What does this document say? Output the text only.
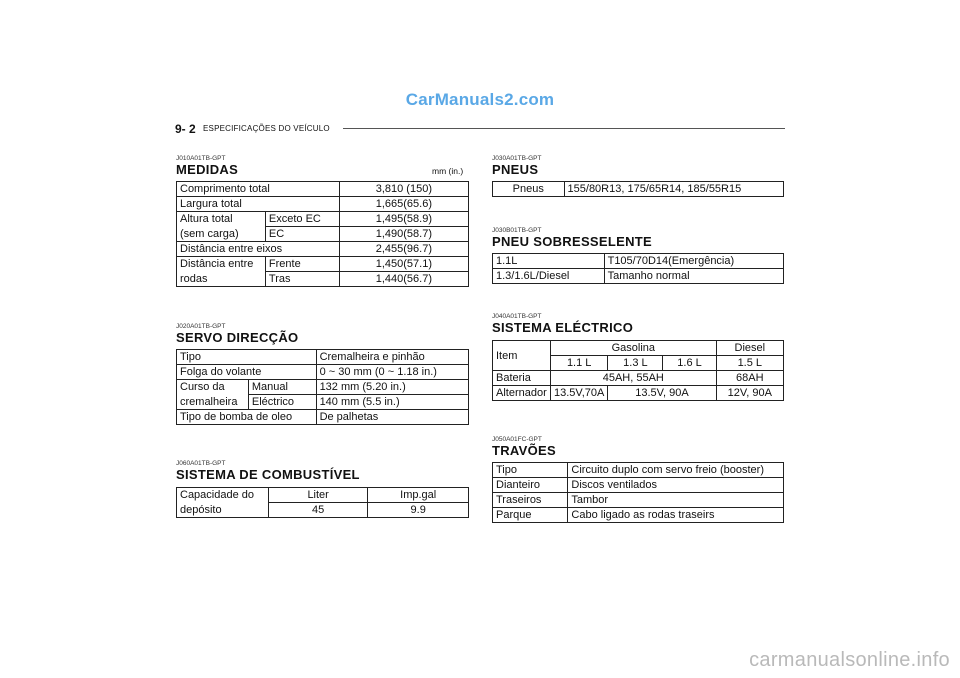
CarManuals2.com
9- 2 ESPECIFICAÇÕES DO VEÍCULO
J010A01TB-GPT
MEDIDAS	mm (in.)
Comprimento total		3,810 (150)
Largura total		1,665(65.6)
Altura total	Exceto EC	1,495(58.9)
(sem carga)	EC	1,490(58.7)
Distância entre eixos		2,455(96.7)
Distância entre	Frente	1,450(57.1)
rodas	Tras	1,440(56.7)
J020A01TB-GPT
SERVO DIRECÇÃO
Tipo		Cremalheira e pinhão
Folga do volante		0 ~ 30 mm (0 ~ 1.18 in.)
Curso da	Manual	132 mm (5.20 in.)
cremalheira	Eléctrico	140 mm (5.5 in.)
Tipo de bomba de oleo		De palhetas
J060A01TB-GPT
SISTEMA DE COMBUSTÍVEL
Capacidade do	Liter	Imp.gal
depósito	45	9.9
J030A01TB-GPT
PNEUS
Pneus	155/80R13, 175/65R14, 185/55R15
J030B01TB-GPT
PNEU SOBRESSELENTE
1.1L	T105/70D14(Emergência)
1.3/1.6L/Diesel	Tamanho normal
J040A01TB-GPT
SISTEMA ELÉCTRICO
Item	Gasolina			Diesel
	1.1 L	1.3 L	1.6 L	1.5 L
Bateria	45AH, 55AH			68AH
Alternador	13.5V,70A	13.5V, 90A		12V, 90A
J050A01FC-GPT
TRAVÕES
Tipo	Circuito duplo com servo freio (booster)
Dianteiro	Discos ventilados
Traseiros	Tambor
Parque	Cabo ligado as rodas traseirs
carmanualsonline.info
